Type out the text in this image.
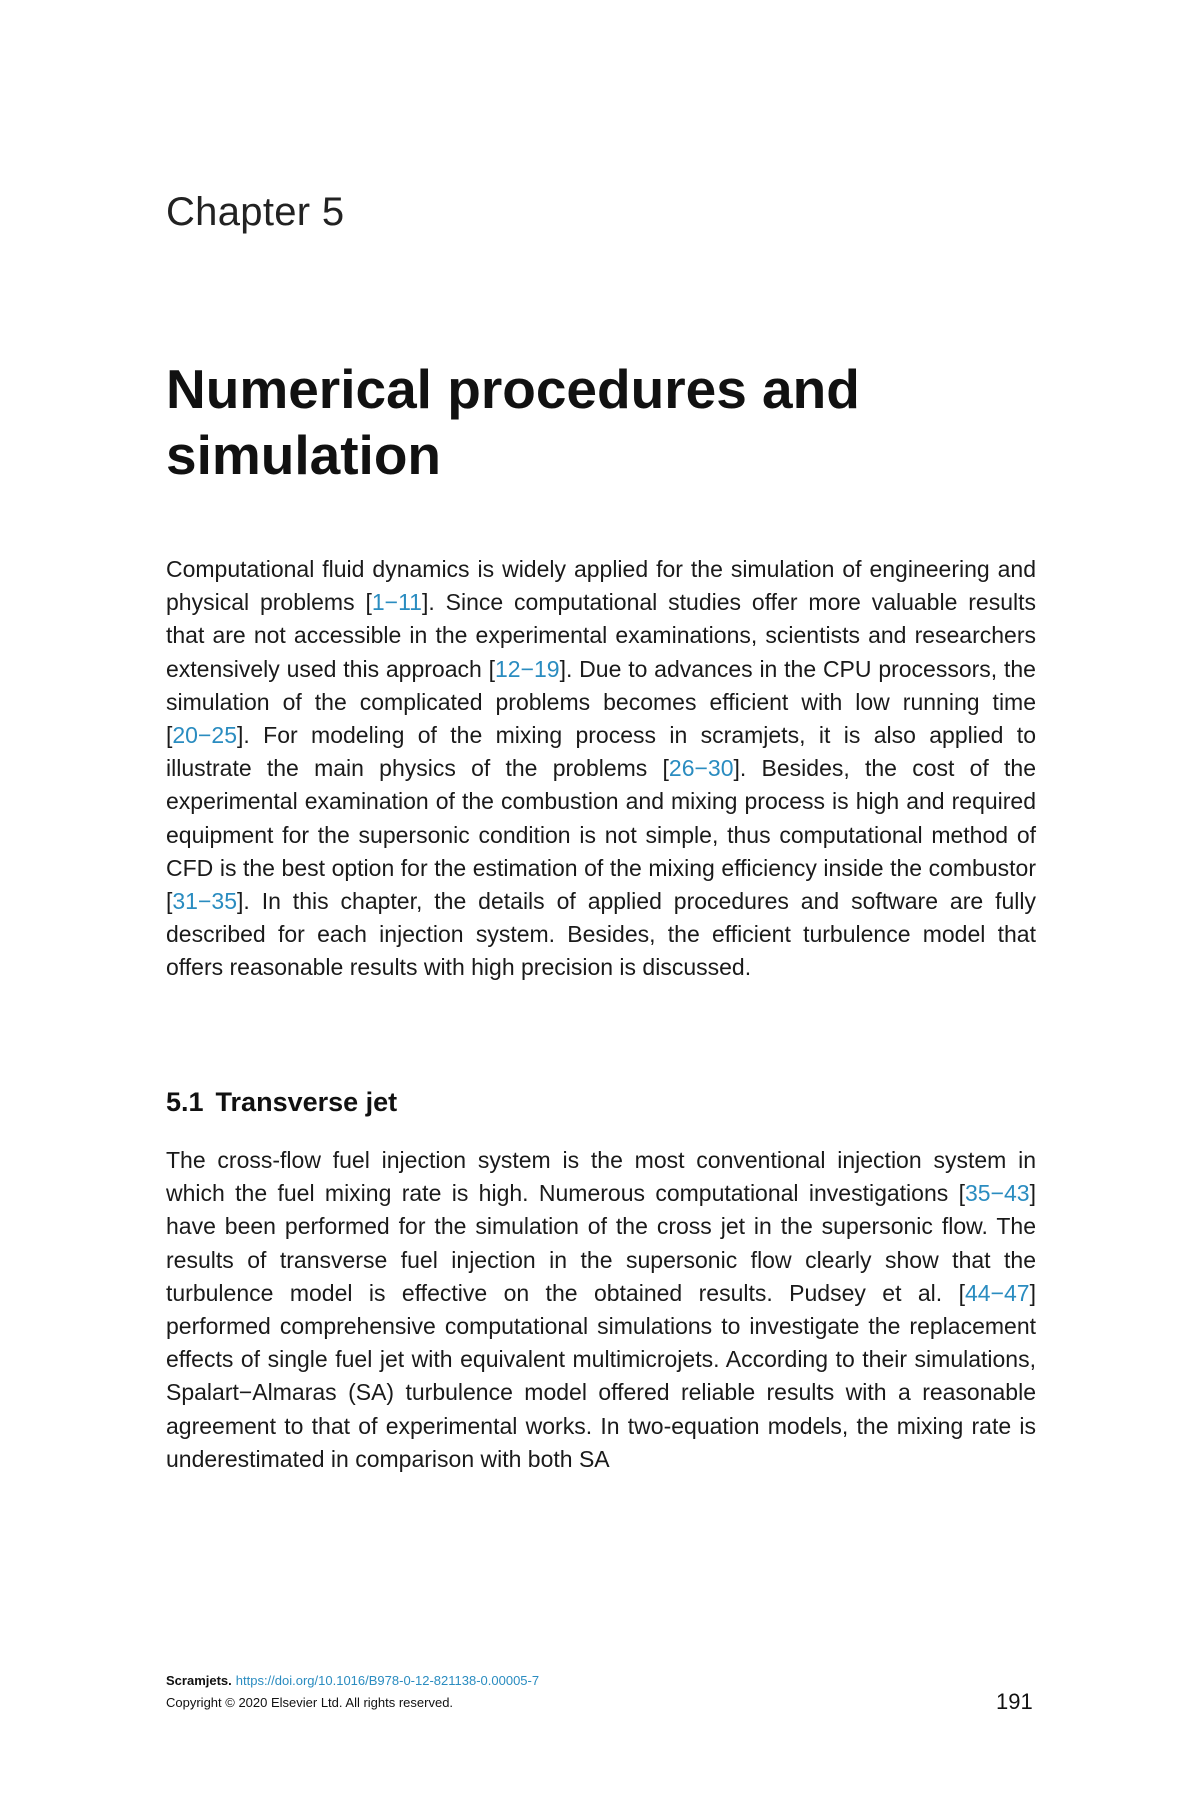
Chapter 5
Numerical procedures and
simulation

Computational fluid dynamics is widely applied for the simulation of engineering and physical problems [1−11]. Since computational studies offer more valuable results that are not accessible in the experimental examinations, scientists and researchers extensively used this approach [12−19]. Due to advances in the CPU processors, the simulation of the complicated problems becomes efficient with low running time [20−25]. For modeling of the mixing process in scramjets, it is also applied to illustrate the main physics of the problems [26−30]. Besides, the cost of the experimental examination of the combustion and mixing process is high and required equipment for the supersonic condition is not simple, thus computational method of CFD is the best option for the estimation of the mixing efficiency inside the combustor [31−35]. In this chapter, the details of applied procedures and software are fully described for each injection system. Besides, the efficient turbulence model that offers reasonable results with high precision is discussed.

5.1 Transverse jet

The cross-flow fuel injection system is the most conventional injection system in which the fuel mixing rate is high. Numerous computational investigations [35−43] have been performed for the simulation of the cross jet in the supersonic flow. The results of transverse fuel injection in the supersonic flow clearly show that the turbulence model is effective on the obtained results. Pudsey et al. [44−47] performed comprehensive computational simulations to investigate the replacement effects of single fuel jet with equivalent multimicrojets. According to their simulations, Spalart−Almaras (SA) turbulence model offered reliable results with a reasonable agreement to that of experimental works. In two-equation models, the mixing rate is underestimated in comparison with both SA

Scramjets. https://doi.org/10.1016/B978-0-12-821138-0.00005-7
Copyright © 2020 Elsevier Ltd. All rights reserved.	191
